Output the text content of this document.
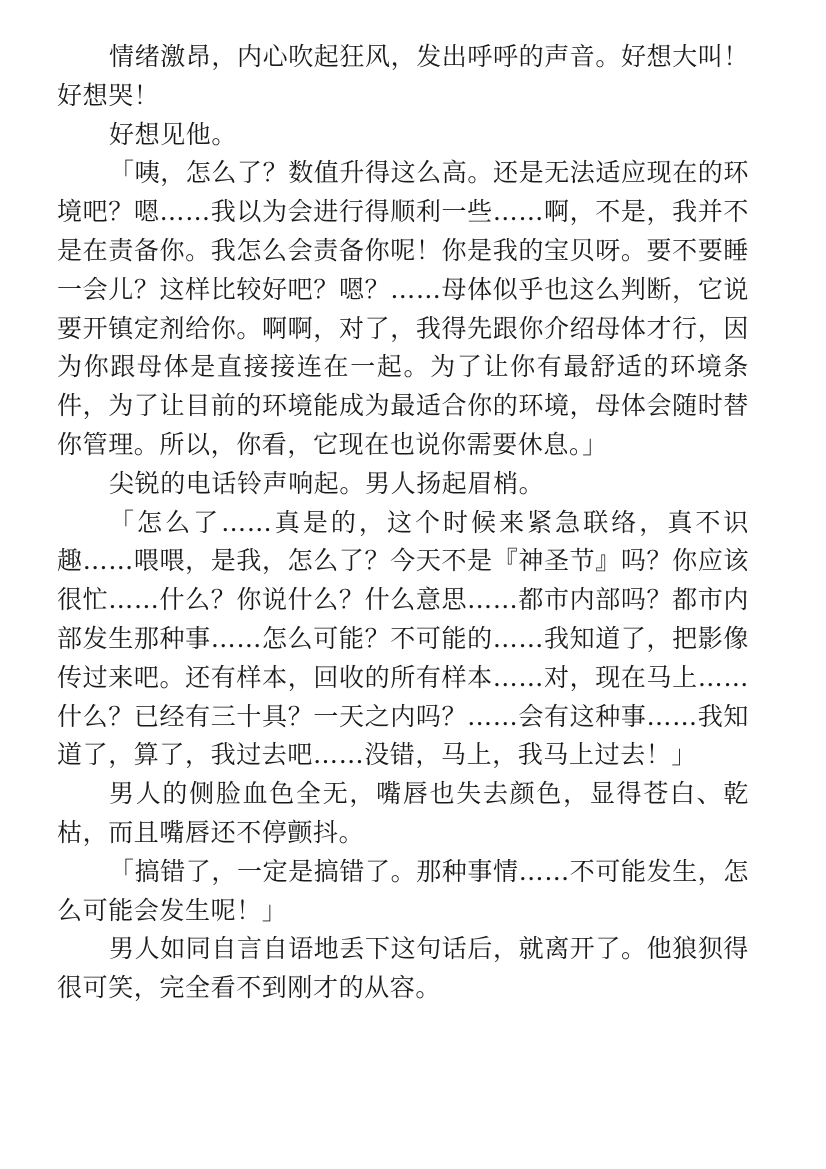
情绪激昂，内心吹起狂风，发出呼呼的声音。好想大叫！好想哭！

好想见他。

「咦，怎么了？数值升得这么高。还是无法适应现在的环境吧？嗯……我以为会进行得顺利一些……啊，不是，我并不是在责备你。我怎么会责备你呢！你是我的宝贝呀。要不要睡一会儿？这样比较好吧？嗯？……母体似乎也这么判断，它说要开镇定剂给你。啊啊，对了，我得先跟你介绍母体才行，因为你跟母体是直接接连在一起。为了让你有最舒适的环境条件，为了让目前的环境能成为最适合你的环境，母体会随时替你管理。所以，你看，它现在也说你需要休息。」

尖锐的电话铃声响起。男人扬起眉梢。

「怎么了……真是的，这个时候来紧急联络，真不识趣……喂喂，是我，怎么了？今天不是『神圣节』吗？你应该很忙……什么？你说什么？什么意思……都市内部吗？都市内部发生那种事……怎么可能？不可能的……我知道了，把影像传过来吧。还有样本，回收的所有样本……对，现在马上……什么？已经有三十具？一天之内吗？……会有这种事……我知道了，算了，我过去吧……没错，马上，我马上过去！」

男人的侧脸血色全无，嘴唇也失去颜色，显得苍白、乾枯，而且嘴唇还不停颤抖。

「搞错了，一定是搞错了。那种事情……不可能发生，怎么可能会发生呢！」

男人如同自言自语地丢下这句话后，就离开了。他狼狈得很可笑，完全看不到刚才的从容。
